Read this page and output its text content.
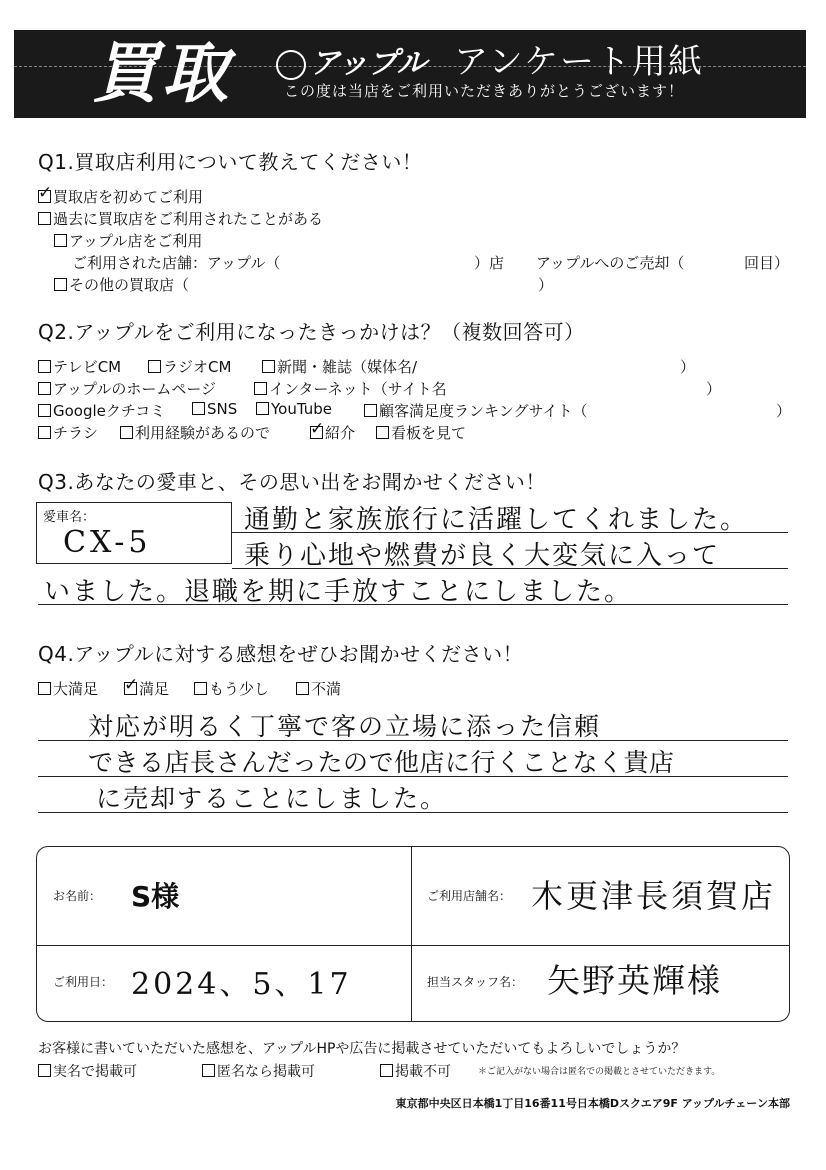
買取	アップル アンケート用紙
この度は当店をご利用いただきありがとうございます！
Q1.買取店利用について教えてください！
✓買取店を初めてご利用
過去に買取店をご利用されたことがある
アップル店をご利用
ご利用された店舗：アップル（	）店 アップルへのご売却（	回目）
その他の買取店（	）
Q2.アップルをご利用になったきっかけは？（複数回答可）
テレビCM	ラジオCM	新聞・雑誌（媒体名/	）
アップルのホームページ	インターネット（サイト名	）
Googleクチコミ	SNS	YouTube	顧客満足度ランキングサイト（	）
チラシ	利用経験があるので ✓	紹介	看板を見て
Q3.あなたの愛車と、その思い出をお聞かせください！
愛車名：
CX-5
通勤と家族旅行に活躍してくれました。
乗り心地や燃費が良く大変気に入って
いました。退職を期に手放すことにしました。
Q4.アップルに対する感想をぜひお聞かせください！
大満足 ✓	満足	もう少し	不満
対応が明るく丁寧で客の立場に添った信頼
できる店長さんだったので他店に行くことなく貴店
に売却することにしました。
お名前： S様	ご利用店舗名： 木更津長須賀店
ご利用日： 2024、5、17	担当スタッフ名： 矢野英輝様
お客様に書いていただいた感想を、アップルHPや広告に掲載させていただいてもよろしいでしょうか？
実名で掲載可	匿名なら掲載可	掲載不可	＊ご記入がない場合は匿名での掲載とさせていただきます。
東京都中央区日本橋1丁目16番11号日本橋Dスクエア9F アップルチェーン本部
